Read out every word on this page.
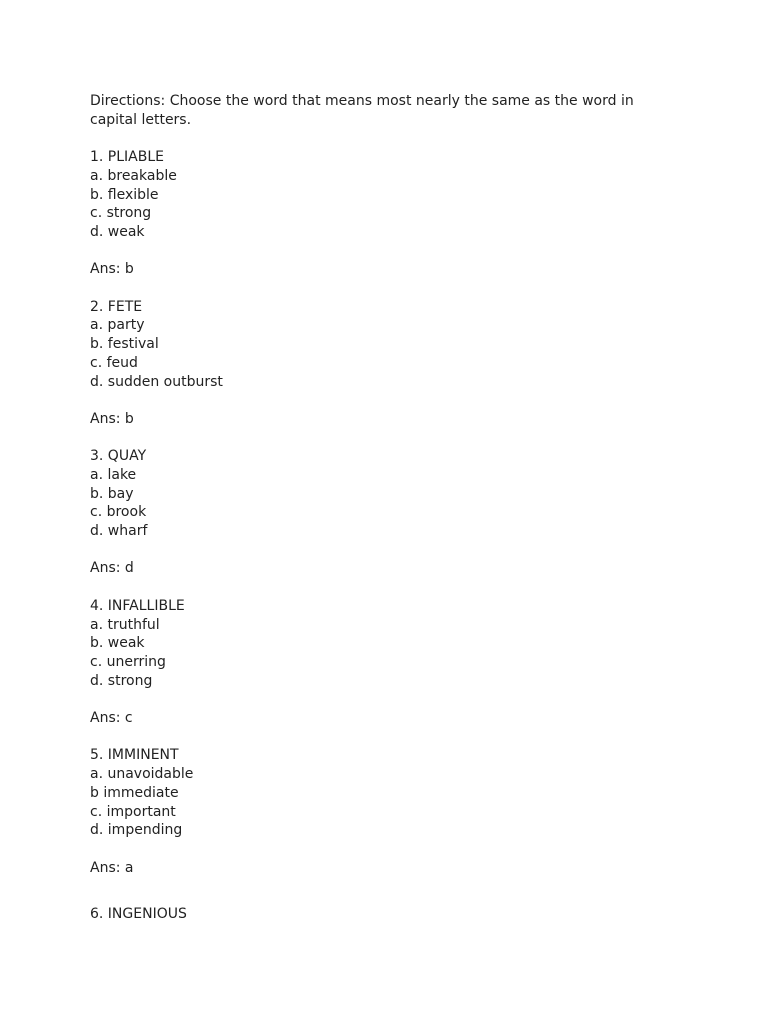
Directions: Choose the word that means most nearly the same as the word in capital letters.

1. PLIABLE
a. breakable
b. flexible
c. strong
d. weak
Ans: b
2. FETE
a. party
b. festival
c. feud
d. sudden outburst
Ans: b
3. QUAY
a. lake
b. bay
c. brook
d. wharf
Ans: d
4. INFALLIBLE
a. truthful
b. weak
c. unerring
d. strong
Ans: c
5. IMMINENT
a. unavoidable
b immediate
c. important
d. impending
Ans: a
6. INGENIOUS
